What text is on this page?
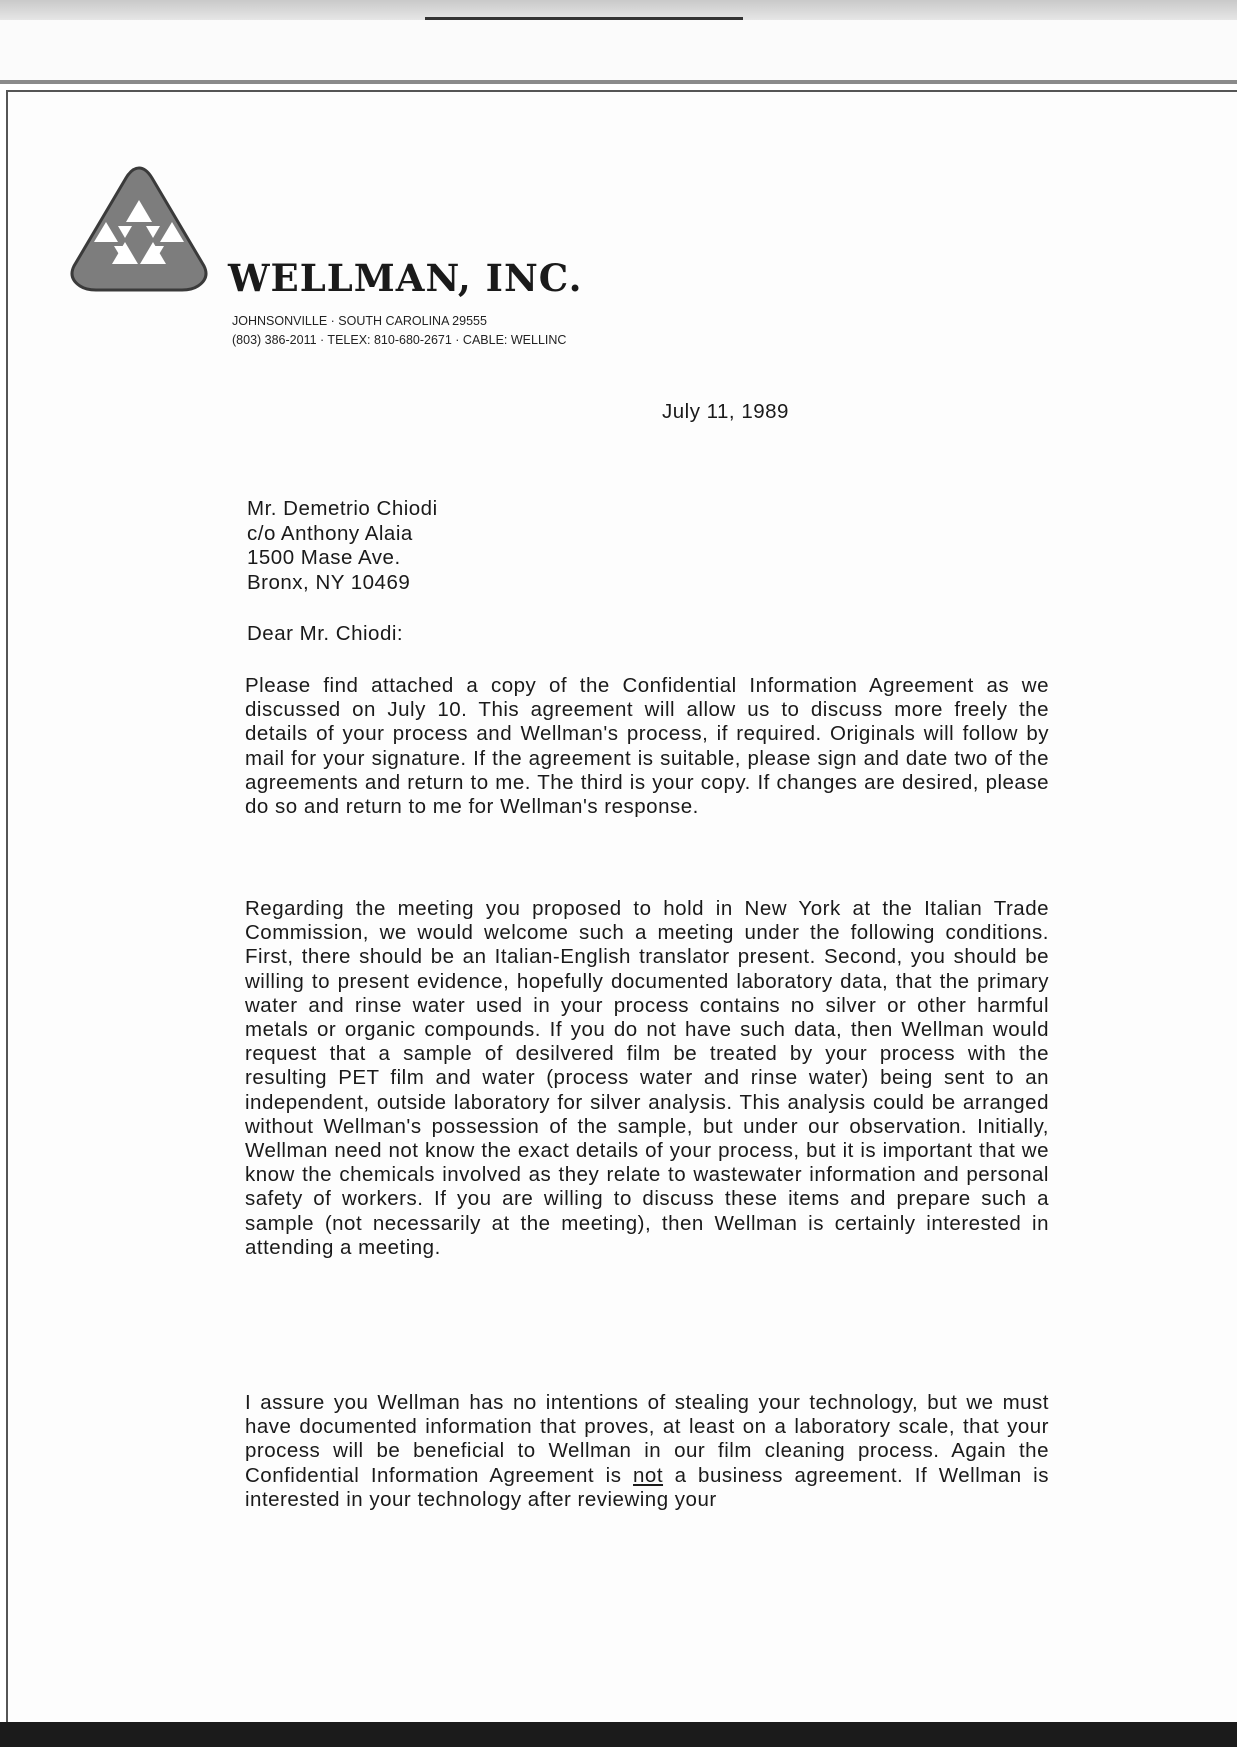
WELLMAN, INC.
JOHNSONVILLE · SOUTH CAROLINA 29555
(803) 386-2011 · TELEX: 810-680-2671 · CABLE: WELLINC
July 11, 1989
Mr. Demetrio Chiodi
c/o Anthony Alaia
1500 Mase Ave.
Bronx, NY 10469
Dear Mr. Chiodi:

Please find attached a copy of the Confidential Information Agreement as we discussed on July 10. This agreement will allow us to discuss more freely the details of your process and Wellman's process, if required. Originals will follow by mail for your signature. If the agreement is suitable, please sign and date two of the agreements and return to me. The third is your copy. If changes are desired, please do so and return to me for Wellman's response.

Regarding the meeting you proposed to hold in New York at the Italian Trade Commission, we would welcome such a meeting under the following conditions. First, there should be an Italian-English translator present. Second, you should be willing to present evidence, hopefully documented laboratory data, that the primary water and rinse water used in your process contains no silver or other harmful metals or organic compounds. If you do not have such data, then Wellman would request that a sample of desilvered film be treated by your process with the resulting PET film and water (process water and rinse water) being sent to an independent, outside laboratory for silver analysis. This analysis could be arranged without Wellman's possession of the sample, but under our observation. Initially, Wellman need not know the exact details of your process, but it is important that we know the chemicals involved as they relate to wastewater information and personal safety of workers. If you are willing to discuss these items and prepare such a sample (not necessarily at the meeting), then Wellman is certainly interested in attending a meeting.

I assure you Wellman has no intentions of stealing your technology, but we must have documented information that proves, at least on a laboratory scale, that your process will be beneficial to Wellman in our film cleaning process. Again the Confidential Information Agreement is not a business agreement. If Wellman is interested in your technology after reviewing your
